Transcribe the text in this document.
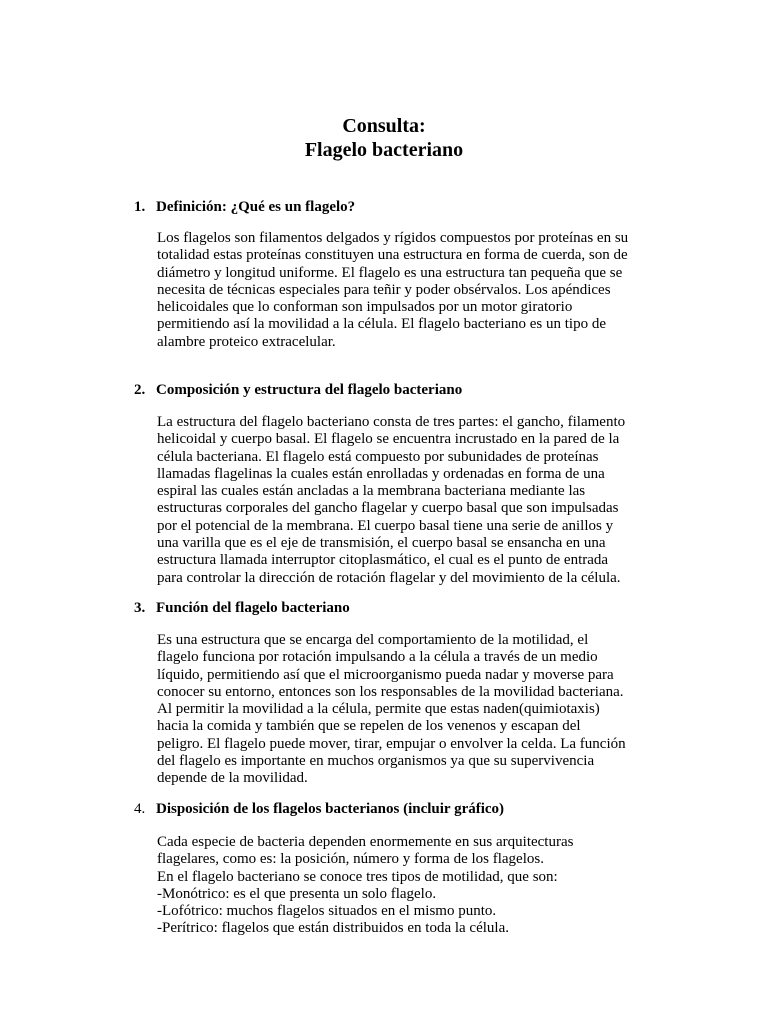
Consulta:
Flagelo bacteriano
1. Definición: ¿Qué es un flagelo?
Los flagelos son filamentos delgados y rígidos compuestos por proteínas en su
totalidad estas proteínas constituyen una estructura en forma de cuerda, son de
diámetro y longitud uniforme. El flagelo es una estructura tan pequeña que se
necesita de técnicas especiales para teñir y poder obsérvalos. Los apéndices
helicoidales que lo conforman son impulsados por un motor giratorio
permitiendo así la movilidad a la célula. El flagelo bacteriano es un tipo de
alambre proteico extracelular.
2. Composición y estructura del flagelo bacteriano
La estructura del flagelo bacteriano consta de tres partes: el gancho, filamento
helicoidal y cuerpo basal. El flagelo se encuentra incrustado en la pared de la
célula bacteriana. El flagelo está compuesto por subunidades de proteínas
llamadas flagelinas la cuales están enrolladas y ordenadas en forma de una
espiral las cuales están ancladas a la membrana bacteriana mediante las
estructuras corporales del gancho flagelar y cuerpo basal que son impulsadas
por el potencial de la membrana. El cuerpo basal tiene una serie de anillos y
una varilla que es el eje de transmisión, el cuerpo basal se ensancha en una
estructura llamada interruptor citoplasmático, el cual es el punto de entrada
para controlar la dirección de rotación flagelar y del movimiento de la célula.
3. Función del flagelo bacteriano
Es una estructura que se encarga del comportamiento de la motilidad, el
flagelo funciona por rotación impulsando a la célula a través de un medio
líquido, permitiendo así que el microorganismo pueda nadar y moverse para
conocer su entorno, entonces son los responsables de la movilidad bacteriana.
Al permitir la movilidad a la célula, permite que estas naden(quimiotaxis)
hacia la comida y también que se repelen de los venenos y escapan del
peligro. El flagelo puede mover, tirar, empujar o envolver la celda. La función
del flagelo es importante en muchos organismos ya que su supervivencia
depende de la movilidad.
4. Disposición de los flagelos bacterianos (incluir gráfico)
Cada especie de bacteria dependen enormemente en sus arquitecturas
flagelares, como es: la posición, número y forma de los flagelos.
En el flagelo bacteriano se conoce tres tipos de motilidad, que son:
-Monótrico: es el que presenta un solo flagelo.
-Lofótrico: muchos flagelos situados en el mismo punto.
-Perítrico: flagelos que están distribuidos en toda la célula.
